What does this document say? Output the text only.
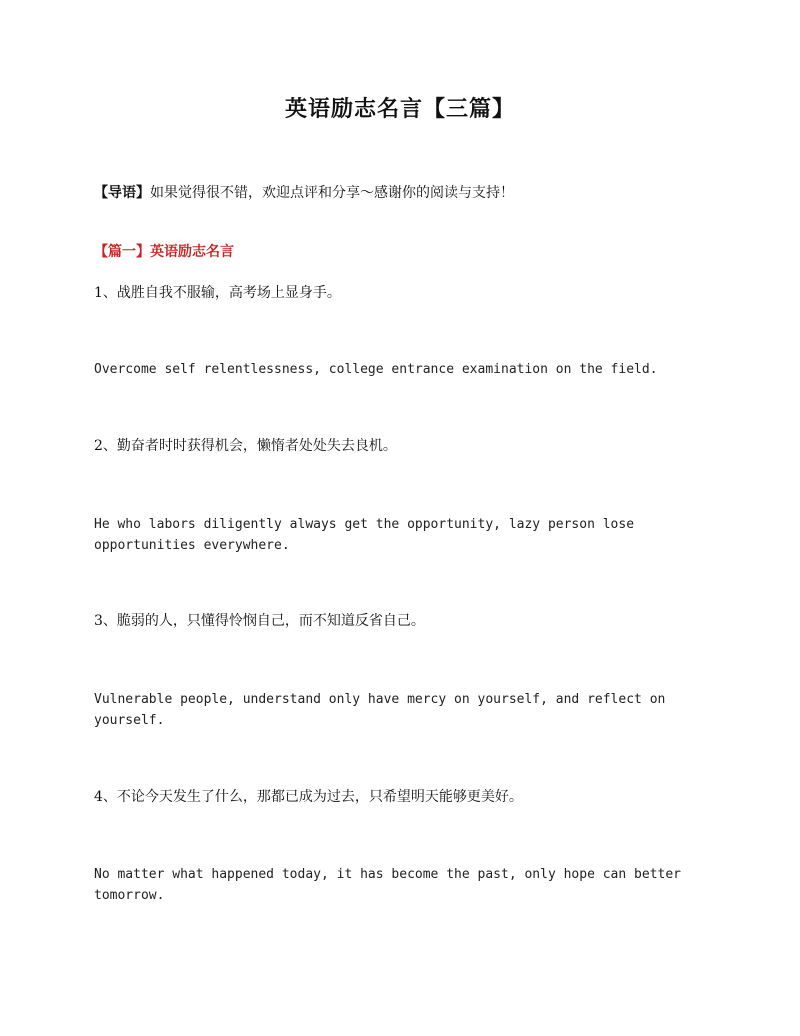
英语励志名言【三篇】
【导语】如果觉得很不错，欢迎点评和分享～感谢你的阅读与支持！
【篇一】英语励志名言
1、战胜自我不服输，高考场上显身手。
Overcome self relentlessness, college entrance examination on the field.
2、勤奋者时时获得机会，懒惰者处处失去良机。
He who labors diligently always get the opportunity, lazy person lose opportunities everywhere.
3、脆弱的人，只懂得怜悯自己，而不知道反省自己。
Vulnerable people, understand only have mercy on yourself, and reflect on yourself.
4、不论今天发生了什么，那都已成为过去，只希望明天能够更美好。
No matter what happened today, it has become the past, only hope can better tomorrow.
